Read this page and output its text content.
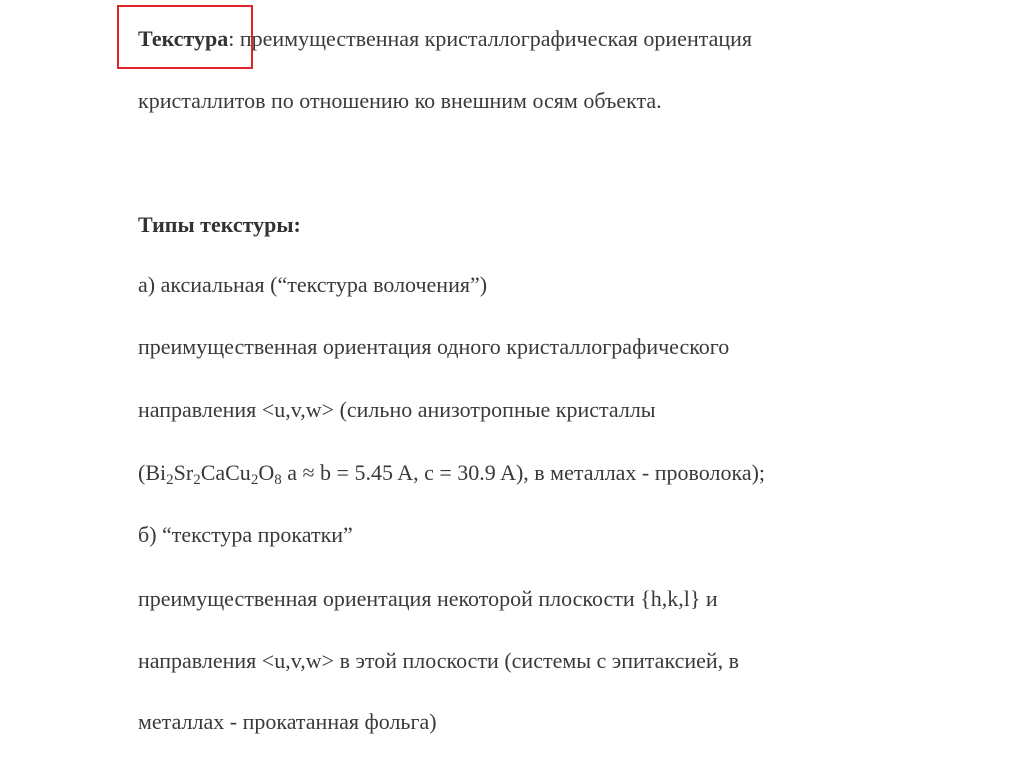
Текстура: преимущественная кристаллографическая ориентация
кристаллитов по отношению ко внешним осям объекта.
Типы текстуры:
а) аксиальная (“текстура волочения”)
преимущественная ориентация одного кристаллографического
направления <u,v,w> (сильно анизотропные кристаллы
($Bi_2Sr_2CaCu_2O_8$ a ≈ b = 5.45 A, c = 30.9 A), в металлах - проволока);
б) “текстура прокатки”
преимущественная ориентация некоторой плоскости {h,k,l} и
направления <u,v,w> в этой плоскости (системы с эпитаксией, в
металлах - прокатанная фольга)
